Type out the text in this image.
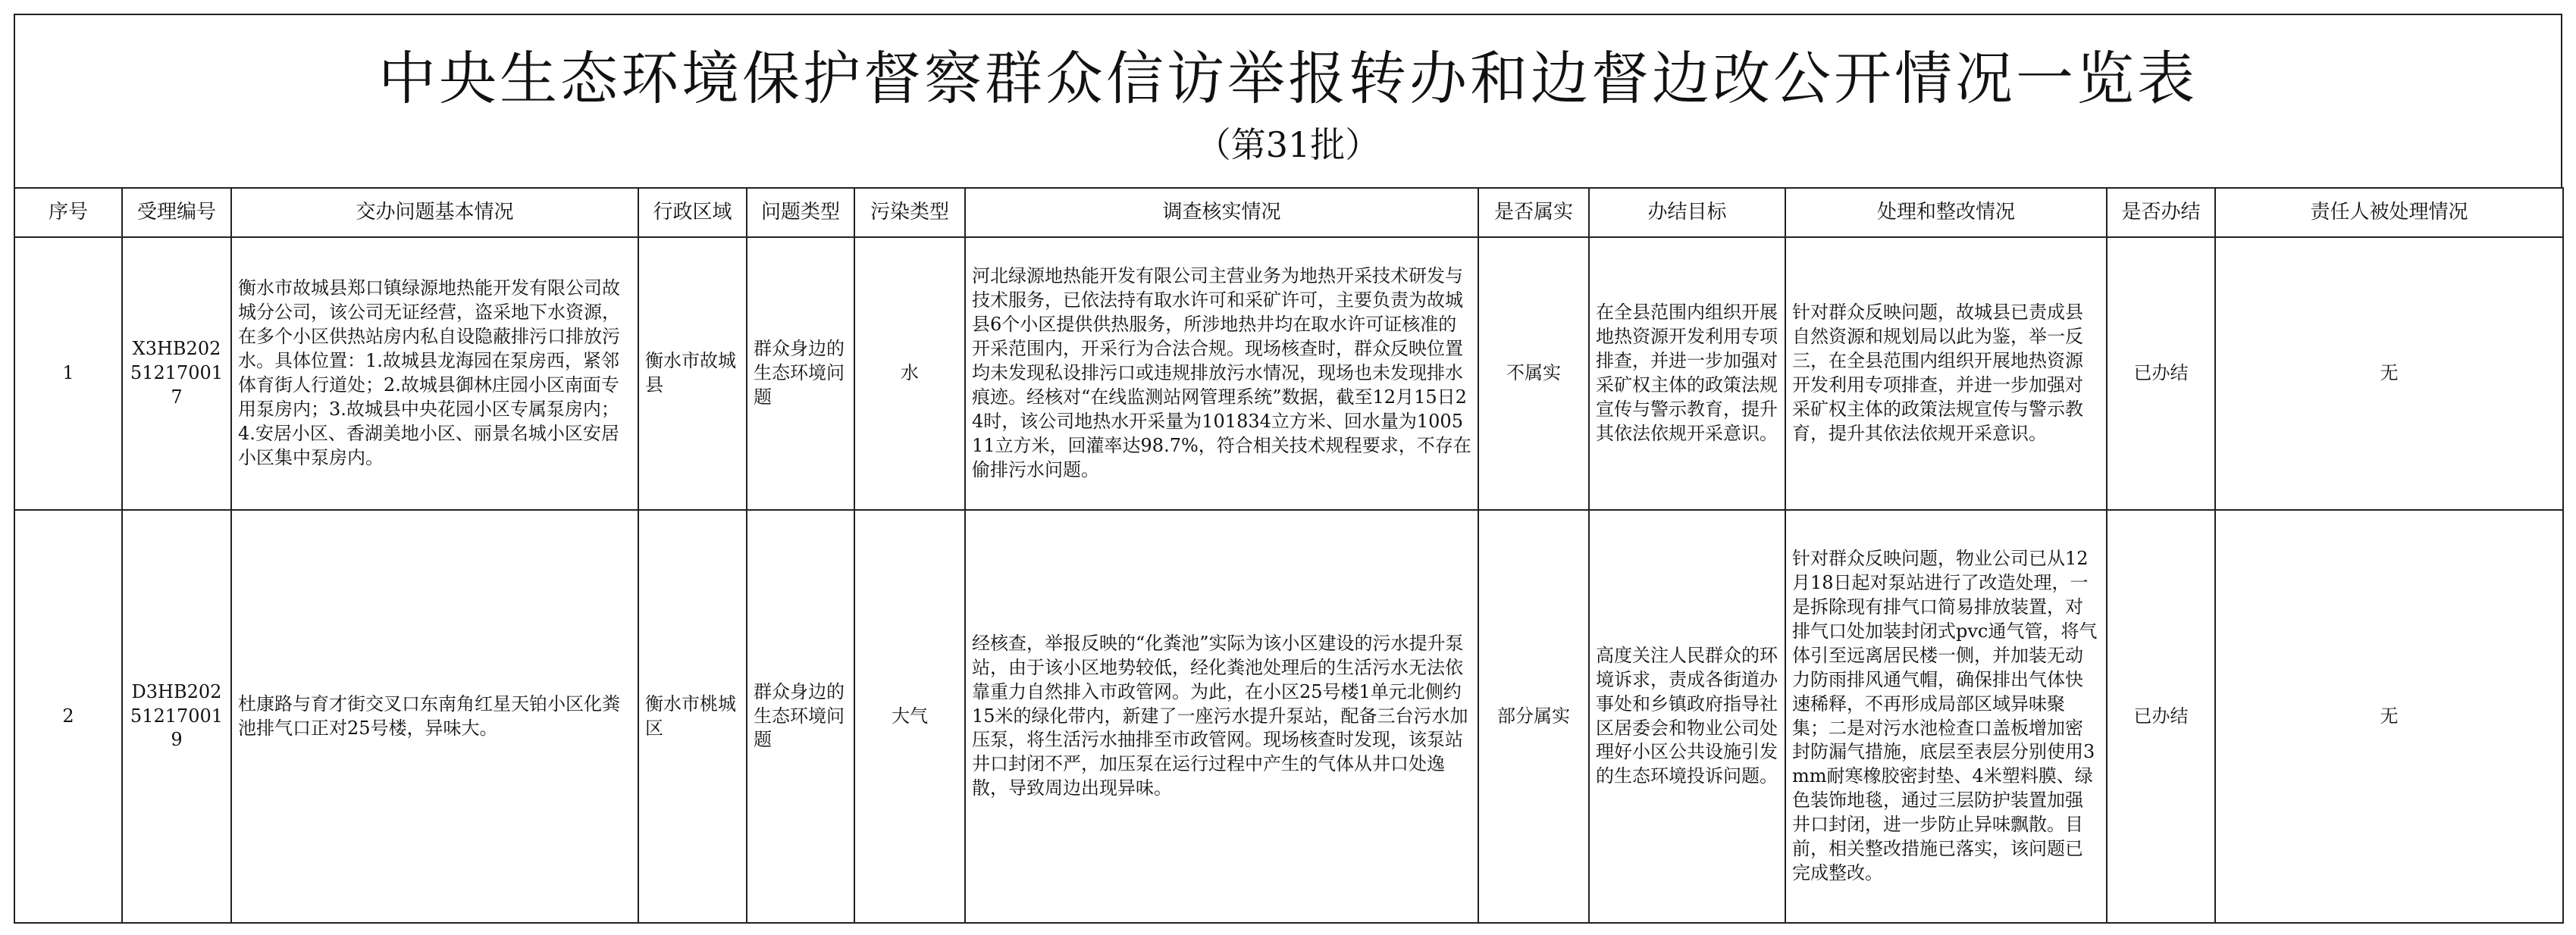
中央生态环境保护督察群众信访举报转办和边督边改公开情况一览表
（第31批）
序号	受理编号	交办问题基本情况	行政区域	问题类型	污染类型	调查核实情况	是否属实	办结目标	处理和整改情况	是否办结	责任人被处理情况
1	X3HB202512170017	衡水市故城县郑口镇绿源地热能开发有限公司故城分公司，该公司无证经营，盗采地下水资源，在多个小区供热站房内私自设隐蔽排污口排放污水。具体位置：1.故城县龙海园在泵房西，紧邻体育街人行道处；2.故城县御林庄园小区南面专用泵房内；3.故城县中央花园小区专属泵房内；4.安居小区、香湖美地小区、丽景名城小区安居小区集中泵房内。	衡水市故城县	群众身边的生态环境问题	水	河北绿源地热能开发有限公司主营业务为地热开采技术研发与技术服务，已依法持有取水许可和采矿许可，主要负责为故城县6个小区提供供热服务，所涉地热井均在取水许可证核准的开采范围内，开采行为合法合规。现场核查时，群众反映位置均未发现私设排污口或违规排放污水情况，现场也未发现排水痕迹。经核对“在线监测站网管理系统”数据，截至12月15日24时，该公司地热水开采量为101834立方米、回水量为100511立方米，回灌率达98.7%，符合相关技术规程要求，不存在偷排污水问题。	不属实	在全县范围内组织开展地热资源开发利用专项排查，并进一步加强对采矿权主体的政策法规宣传与警示教育，提升其依法依规开采意识。	针对群众反映问题，故城县已责成县自然资源和规划局以此为鉴，举一反三，在全县范围内组织开展地热资源开发利用专项排查，并进一步加强对采矿权主体的政策法规宣传与警示教育，提升其依法依规开采意识。	已办结	无
2	D3HB202512170019	杜康路与育才街交叉口东南角红星天铂小区化粪池排气口正对25号楼，异味大。	衡水市桃城区	群众身边的生态环境问题	大气	经核查，举报反映的“化粪池”实际为该小区建设的污水提升泵站，由于该小区地势较低，经化粪池处理后的生活污水无法依靠重力自然排入市政管网。为此，在小区25号楼1单元北侧约15米的绿化带内，新建了一座污水提升泵站，配备三台污水加压泵，将生活污水抽排至市政管网。现场核查时发现，该泵站井口封闭不严，加压泵在运行过程中产生的气体从井口处逸散，导致周边出现异味。	部分属实	高度关注人民群众的环境诉求，责成各街道办事处和乡镇政府指导社区居委会和物业公司处理好小区公共设施引发的生态环境投诉问题。	针对群众反映问题，物业公司已从12月18日起对泵站进行了改造处理，一是拆除现有排气口简易排放装置，对排气口处加装封闭式pvc通气管，将气体引至远离居民楼一侧，并加装无动力防雨排风通气帽，确保排出气体快速稀释，不再形成局部区域异味聚集；二是对污水池检查口盖板增加密封防漏气措施，底层至表层分别使用3mm耐寒橡胶密封垫、4米塑料膜、绿色装饰地毯，通过三层防护装置加强井口封闭，进一步防止异味飘散。目前，相关整改措施已落实，该问题已完成整改。	已办结	无
